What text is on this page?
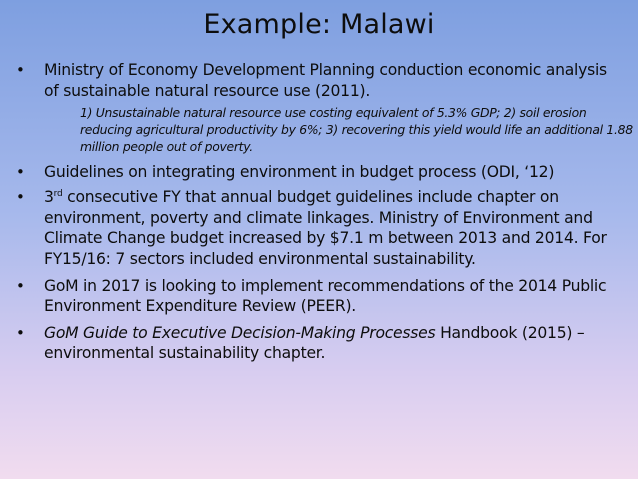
Example: Malawi
•	Ministry of Economy Development Planning conduction economic analysis of sustainable natural resource use (2011).
1) Unsustainable natural resource use costing equivalent of 5.3% GDP; 2) soil erosion reducing agricultural productivity by 6%; 3) recovering this yield would life an additional 1.88 million people out of poverty.
•	Guidelines on integrating environment in budget process (ODI, ‘12)
•	3rd consecutive FY that annual budget guidelines include chapter on environment, poverty and climate linkages. Ministry of Environment and Climate Change budget increased by $7.1 m between 2013 and 2014. For FY15/16: 7 sectors included environmental sustainability.
•	GoM in 2017 is looking to implement recommendations of the 2014 Public Environment Expenditure Review (PEER).
•	GoM Guide to Executive Decision-Making Processes Handbook (2015) – environmental sustainability chapter.
